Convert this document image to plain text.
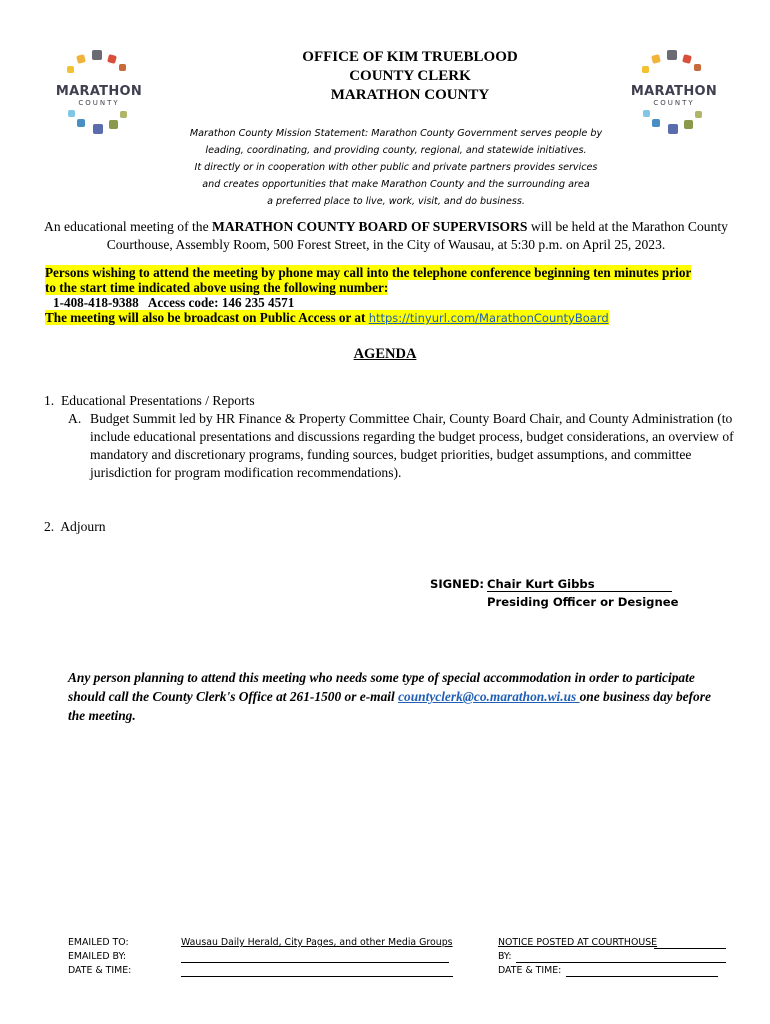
MARATHON
COUNTY
MARATHON
COUNTY
OFFICE OF KIM TRUEBLOOD
COUNTY CLERK
MARATHON COUNTY
Marathon County Mission Statement: Marathon County Government serves people by
leading, coordinating, and providing county, regional, and statewide initiatives.
It directly or in cooperation with other public and private partners provides services
and creates opportunities that make Marathon County and the surrounding area
a preferred place to live, work, visit, and do business.
An educational meeting of the MARATHON COUNTY BOARD OF SUPERVISORS will be held at the Marathon County Courthouse, Assembly Room, 500 Forest Street, in the City of Wausau, at 5:30 p.m. on April 25, 2023.
Persons wishing to attend the meeting by phone may call into the telephone conference beginning ten minutes prior
to the start time indicated above using the following number:
1-408-418-9388   Access code: 146 235 4571
The meeting will also be broadcast on Public Access or at https://tinyurl.com/MarathonCountyBoard
AGENDA
1.  Educational Presentations / Reports
A. Budget Summit led by HR Finance & Property Committee Chair, County Board Chair, and County Administration (to include educational presentations and discussions regarding the budget process, budget considerations, an overview of mandatory and discretionary programs, funding sources, budget priorities, budget assumptions, and committee jurisdiction for program modification recommendations).
2.  Adjourn
SIGNED: Chair Kurt Gibbs
Presiding Officer or Designee
Any person planning to attend this meeting who needs some type of special accommodation in order to participate should call the County Clerk's Office at 261-1500 or e-mail countyclerk@co.marathon.wi.us one business day before the meeting.
EMAILED TO:
EMAILED BY:
DATE & TIME:
Wausau Daily Herald, City Pages, and other Media Groups	NOTICE POSTED AT COURTHOUSE
BY:
DATE & TIME:
